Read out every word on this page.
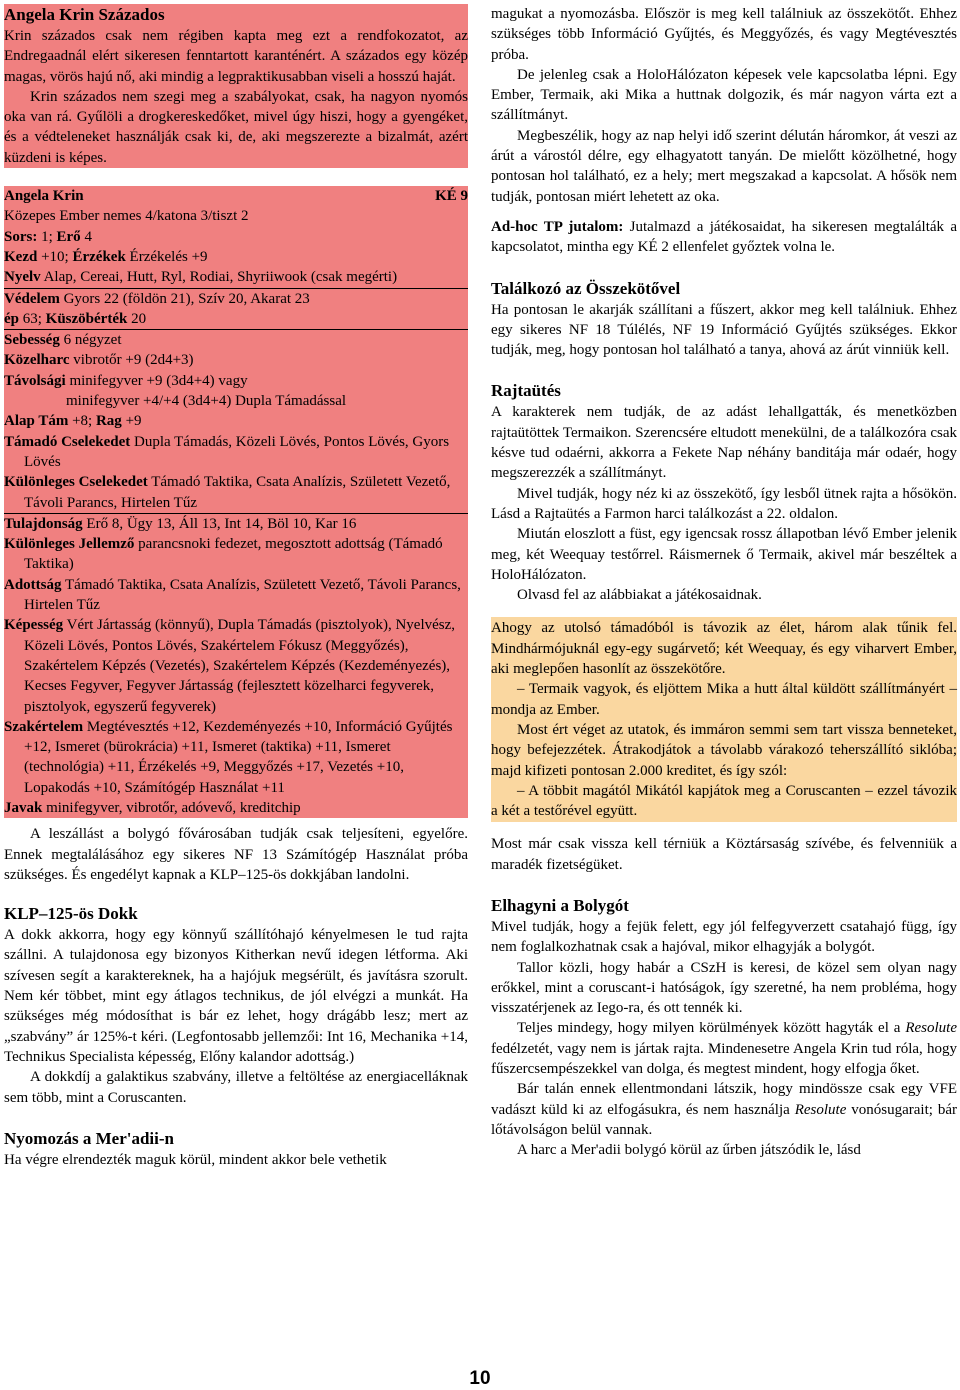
Angela Krin Százados

Krin százados csak nem régiben kapta meg ezt a rendfokozatot, az Endregaadnál elért sikeresen fenntartott karanténért. A százados egy közép magas, vörös hajú nő, aki mindig a legpraktikusabban viseli a hosszú haját.

Krin százados nem szegi meg a szabályokat, csak, ha nagyon nyomós oka van rá. Gyűlöli a drogkereskedőket, mivel úgy hiszi, hogy a gyengéket, és a védteleneket használják csak ki, de, aki megszerezte a bizalmát, azért küzdeni is képes.

Angela Krin	KÉ 9

Közepes Ember nemes 4/katona 3/tiszt 2

Sors: 1; Erő 4

Kezd +10; Érzékek Érzékelés +9

Nyelv Alap, Cereai, Hutt, Ryl, Rodiai, Shyriiwook (csak megérti)

Védelem Gyors 22 (földön 21), Szív 20, Akarat 23

ép 63; Küszöbérték 20

Sebesség 6 négyzet

Közelharc vibrotőr +9 (2d4+3)

Távolsági minifegyver +9 (3d4+4) vagy

minifegyver +4/+4 (3d4+4) Dupla Támadással

Alap Tám +8; Rag +9

Támadó Cselekedet Dupla Támadás, Közeli Lövés, Pontos Lövés, Gyors Lövés

Különleges Cselekedet Támadó Taktika, Csata Analízis, Született Vezető, Távoli Parancs, Hirtelen Tűz

Tulajdonság Erő 8, Ügy 13, Áll 13, Int 14, Böl 10, Kar 16

Különleges Jellemző parancsnoki fedezet, megosztott adottság (Támadó Taktika)

Adottság Támadó Taktika, Csata Analízis, Született Vezető, Távoli Parancs, Hirtelen Tűz

Képesség Vért Jártasság (könnyű), Dupla Támadás (pisztolyok), Nyelvész, Közeli Lövés, Pontos Lövés, Szakértelem Fókusz (Meggyőzés), Szakértelem Képzés (Vezetés), Szakértelem Képzés (Kezdeményezés), Kecses Fegyver, Fegyver Jártasság (fejlesztett közelharci fegyverek, pisztolyok, egyszerű fegyverek)

Szakértelem Megtévesztés +12, Kezdeményezés +10, Információ Gyűjtés +12, Ismeret (bürokrácia) +11, Ismeret (taktika) +11, Ismeret (technológia) +11, Érzékelés +9, Meggyőzés +17, Vezetés +10, Lopakodás +10, Számítógép Használat +11

Javak minifegyver, vibrotőr, adóvevő, kreditchip

A leszállást a bolygó fővárosában tudják csak teljesíteni, egyelőre. Ennek megtalálásához egy sikeres NF 13 Számítógép Használat próba szükséges. És engedélyt kapnak a KLP–125-ös dokkjában landolni.

KLP–125-ös Dokk

A dokk akkorra, hogy egy könnyű szállítóhajó kényelmesen le tud rajta szállni. A tulajdonosa egy bizonyos Kitherkan nevű idegen létforma. Aki szívesen segít a karaktereknek, ha a hajójuk megsérült, és javításra szorult. Nem kér többet, mint egy átlagos technikus, de jól elvégzi a munkát. Ha szükséges még módosíthat is bár ez lehet, hogy drágább lesz; mert az „szabvány” ár 125%-t kéri. (Legfontosabb jellemzői: Int 16, Mechanika +14, Technikus Specialista képesség, Előny kalandor adottság.)

A dokkdíj a galaktikus szabvány, illetve a feltöltése az energiacelláknak sem több, mint a Coruscanten.

Nyomozás a Mer'adii-n

Ha végre elrendezték maguk körül, mindent akkor bele vethetik

magukat a nyomozásba. Először is meg kell találniuk az összekötőt. Ehhez szükséges több Információ Gyűjtés, és Meggyőzés, és vagy Megtévesztés próba.

De jelenleg csak a HoloHálózaton képesek vele kapcsolatba lépni. Egy Ember, Termaik, aki Mika a huttnak dolgozik, és már nagyon várta ezt a szállítmányt.

Megbeszélik, hogy az nap helyi idő szerint délután háromkor, át veszi az árút a várostól délre, egy elhagyatott tanyán. De mielőtt közölhetné, hogy pontosan hol található, ez a hely; mert megszakad a kapcsolat. A hősök nem tudják, pontosan miért lehetett az oka.

Ad-hoc TP jutalom: Jutalmazd a játékosaidat, ha sikeresen megtalálták a kapcsolatot, mintha egy KÉ 2 ellenfelet győztek volna le.

Találkozó az Összekötővel

Ha pontosan le akarják szállítani a fűszert, akkor meg kell találniuk. Ehhez egy sikeres NF 18 Túlélés, NF 19 Információ Gyűjtés szükséges. Ekkor tudják, meg, hogy pontosan hol található a tanya, ahová az árút vinniük kell.

Rajtaütés

A karakterek nem tudják, de az adást lehallgatták, és menetközben rajtaütöttek Termaikon. Szerencsére eltudott menekülni, de a találkozóra csak késve tud odaérni, akkorra a Fekete Nap néhány banditája már odaér, hogy megszerezzék a szállítmányt.

Mivel tudják, hogy néz ki az összekötő, így lesből ütnek rajta a hősökön. Lásd a Rajtaütés a Farmon harci találkozást a 22. oldalon.

Miután eloszlott a füst, egy igencsak rossz állapotban lévő Ember jelenik meg, két Weequay testőrrel. Ráismernek ő Termaik, akivel már beszéltek a HoloHálózaton.

Olvasd fel az alábbiakat a játékosaidnak.

Ahogy az utolsó támadóból is távozik az élet, három alak tűnik fel. Mindhármójuknál egy-egy sugárvető; két Weequay, és egy viharvert Ember, aki meglepően hasonlít az összekötőre.

– Termaik vagyok, és eljöttem Mika a hutt által küldött szállítmányért – mondja az Ember.

Most ért véget az utatok, és immáron semmi sem tart vissza benneteket, hogy befejezzétek. Átrakodjátok a távolabb várakozó teherszállító siklóba; majd kifizeti pontosan 2.000 kreditet, és így szól:

– A többit magától Mikától kapjátok meg a Coruscanten – ezzel távozik a két a testőrével együtt.

Most már csak vissza kell térniük a Köztársaság szívébe, és felvenniük a maradék fizetségüket.

Elhagyni a Bolygót

Mivel tudják, hogy a fejük felett, egy jól felfegyverzett csatahajó függ, így nem foglalkozhatnak csak a hajóval, mikor elhagyják a bolygót.

Tallor közli, hogy habár a CSzH is keresi, de közel sem olyan nagy erőkkel, mint a coruscant-i hatóságok, így szeretné, ha nem probléma, hogy visszatérjenek az Iego-ra, és ott tennék ki.

Teljes mindegy, hogy milyen körülmények között hagyták el a Resolute fedélzetét, vagy nem is jártak rajta. Mindenesetre Angela Krin tud róla, hogy fűszercsempészekkel van dolga, és megtest mindent, hogy elfogja őket.

Bár talán ennek ellentmondani látszik, hogy mindössze csak egy VFE vadászt küld ki az elfogásukra, és nem használja Resolute vonósugarait; bár lőtávolságon belül vannak.

A harc a Mer'adii bolygó körül az űrben játszódik le, lásd

10
